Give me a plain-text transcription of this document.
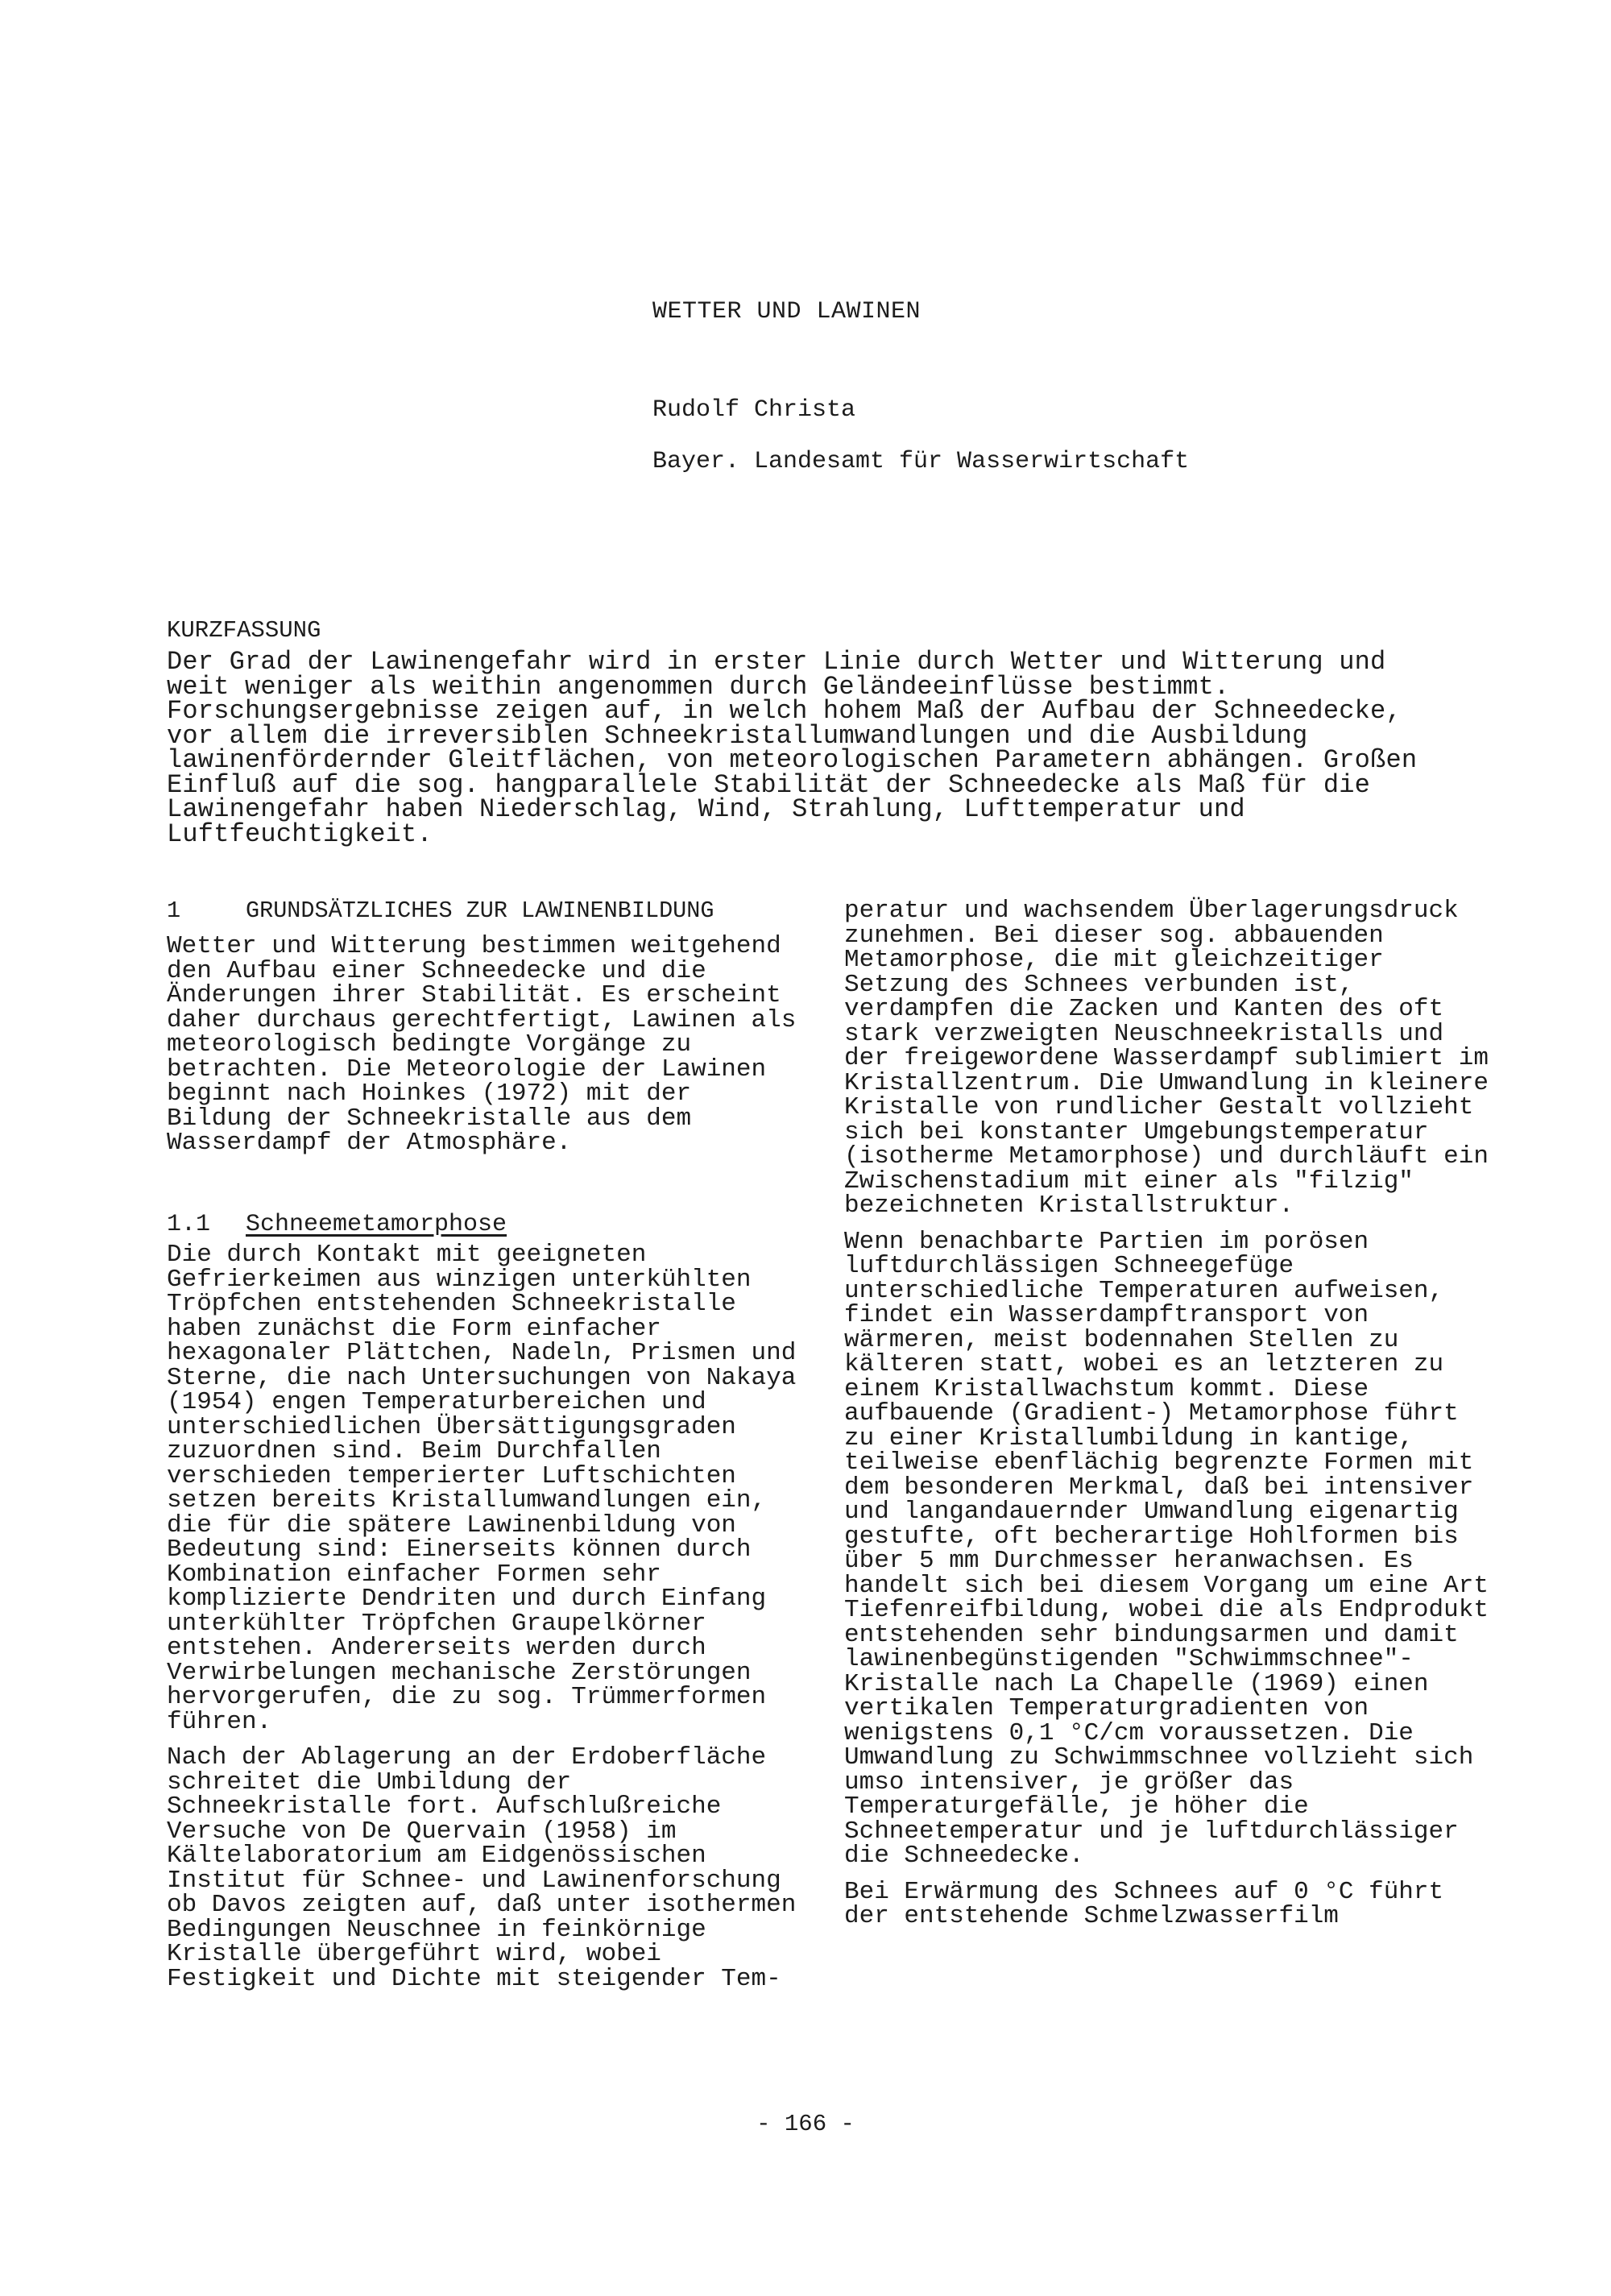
WETTER UND LAWINEN
Rudolf Christa
Bayer. Landesamt für Wasserwirtschaft
KURZFASSUNG

Der Grad der Lawinengefahr wird in erster Linie durch Wetter und Witterung und weit weniger als weithin angenommen durch Geländeeinflüsse bestimmt. Forschungsergebnisse zeigen auf, in welch hohem Maß der Aufbau der Schneedecke, vor allem die irreversiblen Schneekristallumwandlungen und die Ausbildung lawinenfördernder Gleitflächen, von meteorologischen Parametern abhängen. Großen Einfluß auf die sog. hangparallele Stabilität der Schneedecke als Maß für die Lawinengefahr haben Niederschlag, Wind, Strahlung, Lufttemperatur und Luftfeuchtigkeit.

1	GRUNDSÄTZLICHES ZUR LAWINENBILDUNG

Wetter und Witterung bestimmen weitgehend den Aufbau einer Schneedecke und die Änderungen ihrer Stabilität. Es erscheint daher durchaus gerechtfertigt, Lawinen als meteorologisch bedingte Vorgänge zu betrachten. Die Meteorologie der Lawinen beginnt nach Hoinkes (1972) mit der Bildung der Schneekristalle aus dem Wasserdampf der Atmosphäre.

1.1	Schneemetamorphose

Die durch Kontakt mit geeigneten Gefrierkeimen aus winzigen unterkühlten Tröpfchen entstehenden Schneekristalle haben zunächst die Form einfacher hexagonaler Plättchen, Nadeln, Prismen und Sterne, die nach Untersuchungen von Nakaya (1954) engen Temperaturbereichen und unterschiedlichen Übersättigungsgraden zuzuordnen sind. Beim Durchfallen verschieden temperierter Luftschichten setzen bereits Kristallumwandlungen ein, die für die spätere Lawinenbildung von Bedeutung sind: Einerseits können durch Kombination einfacher Formen sehr komplizierte Dendriten und durch Einfang unterkühlter Tröpfchen Graupelkörner entstehen. Andererseits werden durch Verwirbelungen mechanische Zerstörungen hervorgerufen, die zu sog. Trümmerformen führen.

Nach der Ablagerung an der Erdoberfläche schreitet die Umbildung der Schneekristalle fort. Aufschlußreiche Versuche von De Quervain (1958) im Kältelaboratorium am Eidgenössischen Institut für Schnee- und Lawinenforschung ob Davos zeigten auf, daß unter isothermen Bedingungen Neuschnee in feinkörnige Kristalle übergeführt wird, wobei Festigkeit und Dichte mit steigender Tem-

peratur und wachsendem Überlagerungsdruck zunehmen. Bei dieser sog. abbauenden Metamorphose, die mit gleichzeitiger Setzung des Schnees verbunden ist, verdampfen die Zacken und Kanten des oft stark verzweigten Neuschneekristalls und der freigewordene Wasserdampf sublimiert im Kristallzentrum. Die Umwandlung in kleinere Kristalle von rundlicher Gestalt vollzieht sich bei konstanter Umgebungstemperatur (isotherme Metamorphose) und durchläuft ein Zwischenstadium mit einer als "filzig" bezeichneten Kristallstruktur.

Wenn benachbarte Partien im porösen luftdurchlässigen Schneegefüge unterschiedliche Temperaturen aufweisen, findet ein Wasserdampftransport von wärmeren, meist bodennahen Stellen zu kälteren statt, wobei es an letzteren zu einem Kristallwachstum kommt. Diese aufbauende (Gradient-) Metamorphose führt zu einer Kristallumbildung in kantige, teilweise ebenflächig begrenzte Formen mit dem besonderen Merkmal, daß bei intensiver und langandauernder Umwandlung eigenartig gestufte, oft becherartige Hohlformen bis über 5 mm Durchmesser heranwachsen. Es handelt sich bei diesem Vorgang um eine Art Tiefenreifbildung, wobei die als Endprodukt entstehenden sehr bindungsarmen und damit lawinenbegünstigenden "Schwimmschnee"-Kristalle nach La Chapelle (1969) einen vertikalen Temperaturgradienten von wenigstens 0,1 °C/cm voraussetzen. Die Umwandlung zu Schwimmschnee vollzieht sich umso intensiver, je größer das Temperaturgefälle, je höher die Schneetemperatur und je luftdurchlässiger die Schneedecke.

Bei Erwärmung des Schnees auf 0 °C führt der entstehende Schmelzwasserfilm

- 166 -
